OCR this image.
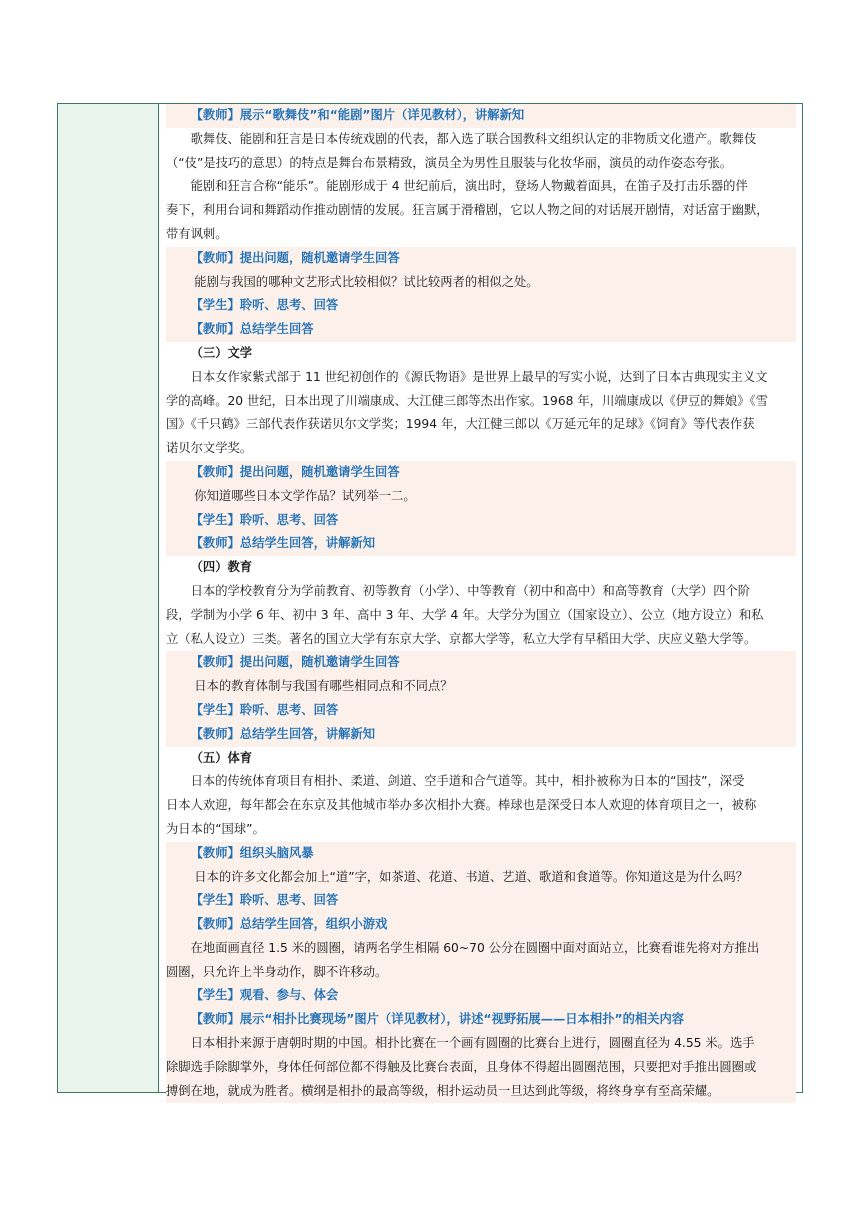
【教师】展示“歌舞伎”和“能剧”图片（详见教材），讲解新知
歌舞伎、能剧和狂言是日本传统戏剧的代表，都入选了联合国教科文组织认定的非物质文化遗产。歌舞伎
（“伎”是技巧的意思）的特点是舞台布景精致，演员全为男性且服装与化妆华丽，演员的动作姿态夸张。
能剧和狂言合称“能乐”。能剧形成于 4 世纪前后，演出时，登场人物戴着面具，在笛子及打击乐器的伴
奏下，利用台词和舞蹈动作推动剧情的发展。狂言属于滑稽剧，它以人物之间的对话展开剧情，对话富于幽默，
带有讽刺。
【教师】提出问题，随机邀请学生回答
能剧与我国的哪种文艺形式比较相似？试比较两者的相似之处。
【学生】聆听、思考、回答
【教师】总结学生回答
（三）文学
日本女作家紫式部于 11 世纪初创作的《源氏物语》是世界上最早的写实小说，达到了日本古典现实主义文
学的高峰。20 世纪，日本出现了川端康成、大江健三郎等杰出作家。1968 年，川端康成以《伊豆的舞娘》《雪
国》《千只鹤》三部代表作获诺贝尔文学奖；1994 年，大江健三郎以《万延元年的足球》《饲育》等代表作获
诺贝尔文学奖。
【教师】提出问题，随机邀请学生回答
你知道哪些日本文学作品？试列举一二。
【学生】聆听、思考、回答
【教师】总结学生回答，讲解新知
（四）教育
日本的学校教育分为学前教育、初等教育（小学）、中等教育（初中和高中）和高等教育（大学）四个阶
段，学制为小学 6 年、初中 3 年、高中 3 年、大学 4 年。大学分为国立（国家设立）、公立（地方设立）和私
立（私人设立）三类。著名的国立大学有东京大学、京都大学等，私立大学有早稻田大学、庆应义塾大学等。
【教师】提出问题，随机邀请学生回答
日本的教育体制与我国有哪些相同点和不同点？
【学生】聆听、思考、回答
【教师】总结学生回答，讲解新知
（五）体育
日本的传统体育项目有相扑、柔道、剑道、空手道和合气道等。其中，相扑被称为日本的“国技”，深受
日本人欢迎，每年都会在东京及其他城市举办多次相扑大赛。棒球也是深受日本人欢迎的体育项目之一，被称
为日本的“国球”。
【教师】组织头脑风暴
日本的许多文化都会加上“道”字，如茶道、花道、书道、艺道、歌道和食道等。你知道这是为什么吗？
【学生】聆听、思考、回答
【教师】总结学生回答，组织小游戏
在地面画直径 1.5 米的圆圈，请两名学生相隔 60~70 公分在圆圈中面对面站立，比赛看谁先将对方推出
圆圈，只允许上半身动作，脚不许移动。
【学生】观看、参与、体会
【教师】展示“相扑比赛现场”图片（详见教材），讲述“视野拓展——日本相扑”的相关内容
日本相扑来源于唐朝时期的中国。相扑比赛在一个画有圆圈的比赛台上进行，圆圈直径为 4.55 米。选手
除脚选手除脚掌外，身体任何部位都不得触及比赛台表面，且身体不得超出圆圈范围，只要把对手推出圆圈或
搏倒在地，就成为胜者。横纲是相扑的最高等级，相扑运动员一旦达到此等级，将终身享有至高荣耀。
